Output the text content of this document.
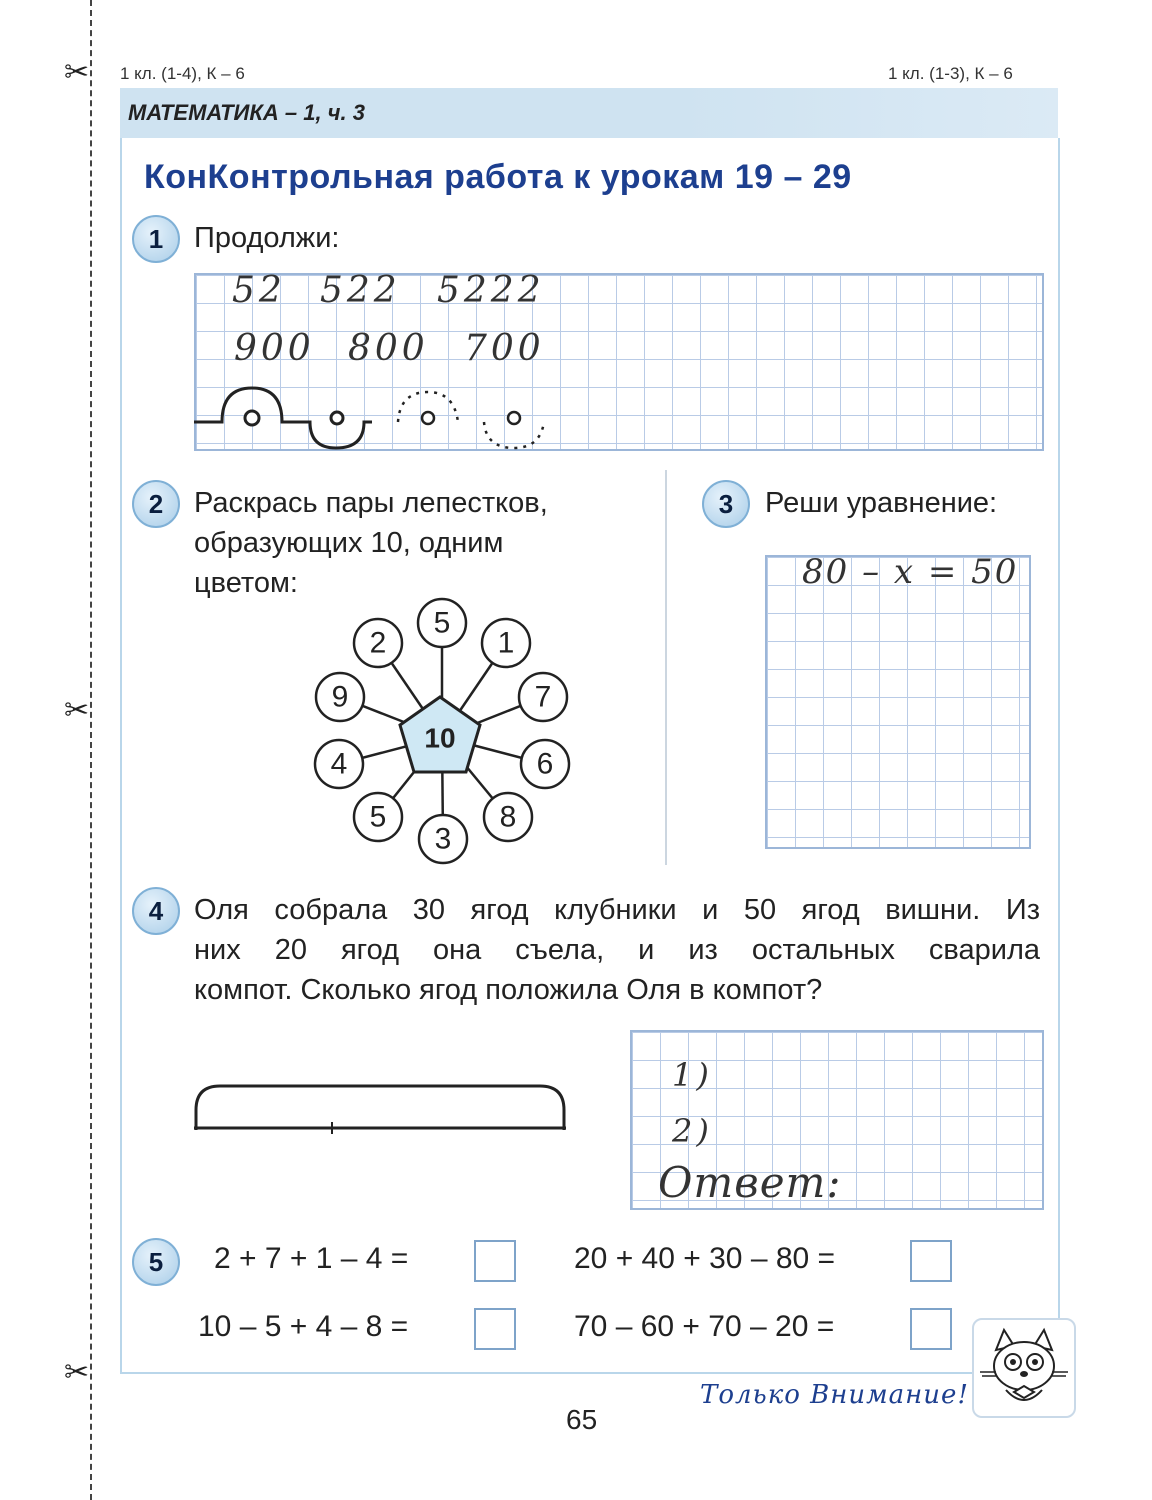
✂
✂
✂
1 кл. (1-4), К – 6	1 кл. (1-3), К – 6
МАТЕМАТИКА – 1, ч. 3
КонКонтрольная работа к урокам 19 – 29
1	Продолжи:
52 522 5222
900 800 700
2	Раскрась пары лепестков,
образующих 10, одним
цветом:
10
5
1
7
6
8
3
5
4
9
2
3	Реши уравнение:
80 – x = 50
4	Оля собрала 30 ягод клубники и 50 ягод вишни. Из
них 20 ягод она съела, и из остальных сварила
компот. Сколько ягод положила Оля в компот?
1)
2)
Ответ:
5	2 + 7 + 1 – 4 =	20 + 40 + 30 – 80 =
10 – 5 + 4 – 8 =	70 – 60 + 70 – 20 =
65
Только Внимание!
